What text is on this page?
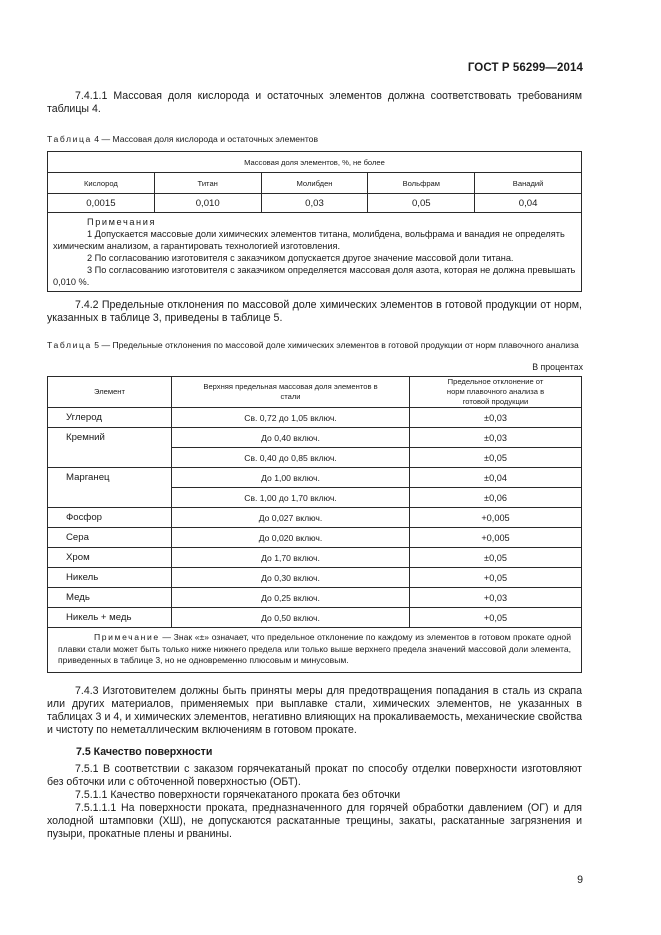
ГОСТ Р 56299—2014
7.4.1.1 Массовая доля кислорода и остаточных элементов должна соответствовать требованиям таблицы 4.
Таблица 4 — Массовая доля кислорода и остаточных элементов
Массовая доля элементов, %, не более				
Кислород	Титан	Молибден	Вольфрам	Ванадий
0,0015	0,010	0,03	0,05	0,04

Примечания
1 Допускается массовые доли химических элементов титана, молибдена, вольфрама и ванадия не определять химическим анализом, а гарантировать технологией изготовления.
2 По согласованию изготовителя с заказчиком допускается другое значение массовой доли титана.
3 По согласованию изготовителя с заказчиком определяется массовая доля азота, которая не должна превышать 0,010 %.				
7.4.2 Предельные отклонения по массовой доле химических элементов в готовой продукции от норм, указанных в таблице 3, приведены в таблице 5.
Таблица 5 — Предельные отклонения по массовой доле химических элементов в готовой продукции от норм плавочного анализа
В процентах
Элемент	Верхняя предельная массовая доля элементов в стали	Предельное отклонение от норм плавочного анализа в готовой продукции
Углерод	Св. 0,72 до 1,05 включ.	±0,03
Кремний	До 0,40 включ.	±0,03
	Св. 0,40 до 0,85 включ.	±0,05
Марганец	До 1,00 включ.	±0,04
	Св. 1,00 до 1,70 включ.	±0,06
Фосфор	До 0,027 включ.	+0,005
Сера	До 0,020 включ.	+0,005
Хром	До 1,70 включ.	±0,05
Никель	До 0,30 включ.	+0,05
Медь	До 0,25 включ.	+0,03
Никель + медь	До 0,50 включ.	+0,05
Примечание — Знак «±» означает, что предельное отклонение по каждому из элементов в готовом прокате одной плавки стали может быть только ниже нижнего предела или только выше верхнего предела значений массовой доли элемента, приведенных в таблице 3, но не одновременно плюсовым и минусовым.		
7.4.3 Изготовителем должны быть приняты меры для предотвращения попадания в сталь из скрапа или других материалов, применяемых при выплавке стали, химических элементов, не указанных в таблицах 3 и 4, и химических элементов, негативно влияющих на прокаливаемость, механические свойства и чистоту по неметаллическим включениям в готовом прокате.
7.5 Качество поверхности
7.5.1 В соответствии с заказом горячекатаный прокат по способу отделки поверхности изготовляют без обточки или с обточенной поверхностью (ОБТ).
7.5.1.1 Качество поверхности горячекатаного проката без обточки
7.5.1.1.1 На поверхности проката, предназначенного для горячей обработки давлением (ОГ) и для холодной штамповки (ХШ), не допускаются раскатанные трещины, закаты, раскатанные загрязнения и пузыри, прокатные плены и рванины.
9
